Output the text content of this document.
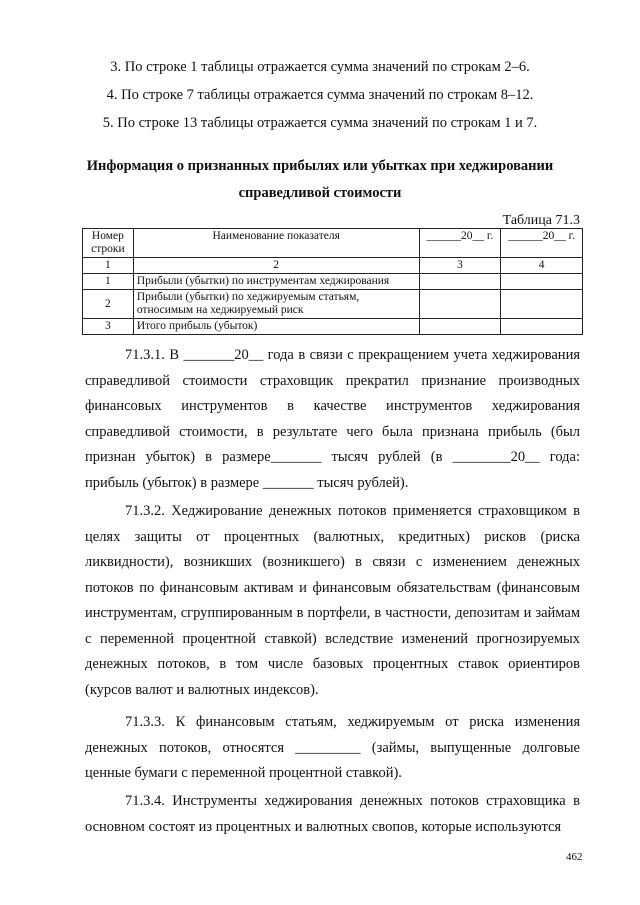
3. По строке 1 таблицы отражается сумма значений по строкам 2–6.
4. По строке 7 таблицы отражается сумма значений по строкам 8–12.
5. По строке 13 таблицы отражается сумма значений по строкам 1 и 7.
Информация о признанных прибылях или убытках при хеджировании
справедливой стоимости
Таблица 71.3
Номер строки	Наименование показателя	______20__ г.	______20__ г.
1	2	3	4
1	Прибыли (убытки) по инструментам хеджирования		
2	Прибыли (убытки) по хеджируемым статьям, относимым на хеджируемый риск		
3	Итого прибыль (убыток)		

71.3.1. В _______20__ года в связи с прекращением учета хеджирования справедливой стоимости страховщик прекратил признание производных финансовых инструментов в качестве инструментов хеджирования справедливой стоимости, в результате чего была признана прибыль (был признан убыток) в размере_______ тысяч рублей (в ________20__ года: прибыль (убыток) в размере _______ тысяч рублей).

71.3.2. Хеджирование денежных потоков применяется страховщиком в целях защиты от процентных (валютных, кредитных) рисков (риска ликвидности), возникших (возникшего) в связи с изменением денежных потоков по финансовым активам и финансовым обязательствам (финансовым инструментам, сгруппированным в портфели, в частности, депозитам и займам с переменной процентной ставкой) вследствие изменений прогнозируемых денежных потоков, в том числе базовых процентных ставок ориентиров (курсов валют и валютных индексов).

71.3.3. К финансовым статьям, хеджируемым от риска изменения денежных потоков, относятся _________ (займы, выпущенные долговые ценные бумаги с переменной процентной ставкой).

71.3.4. Инструменты хеджирования денежных потоков страховщика в основном состоят из процентных и валютных свопов, которые используются

462
